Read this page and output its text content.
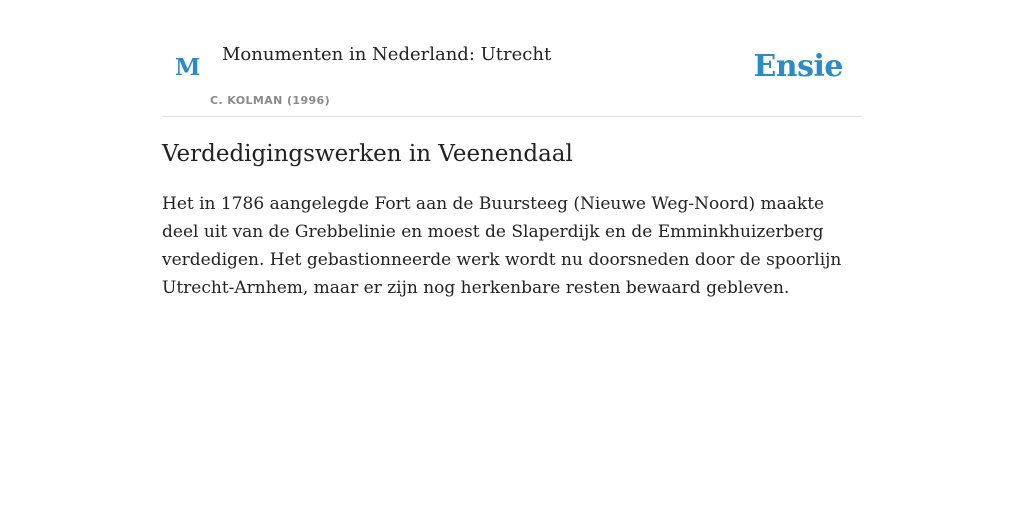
M Monumenten in Nederland: Utrecht
C. KOLMAN (1996)
Ensie
Verdedigingswerken in Veenendaal

Het in 1786 aangelegde Fort aan de Buursteeg (Nieuwe Weg-Noord) maakte deel uit van de Grebbelinie en moest de Slaperdijk en de Emminkhuizerberg verdedigen. Het gebastionneerde werk wordt nu doorsneden door de spoorlijn Utrecht-Arnhem, maar er zijn nog herkenbare resten bewaard gebleven.
